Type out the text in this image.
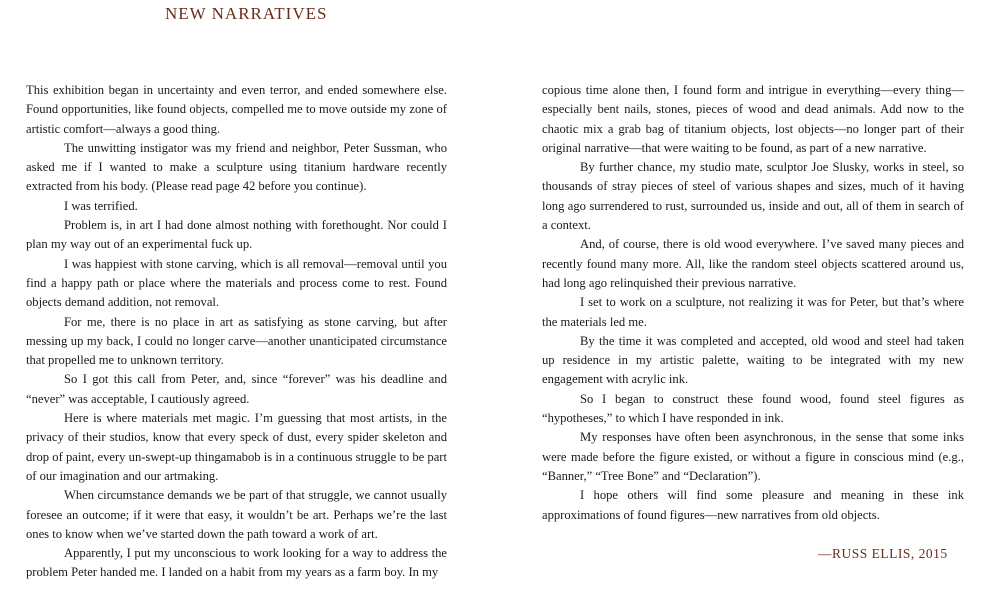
NEW NARRATIVES

This exhibition began in uncertainty and even terror, and ended somewhere else. Found opportunities, like found objects, compelled me to move outside my zone of artistic comfort—always a good thing.

The unwitting instigator was my friend and neighbor, Peter Sussman, who asked me if I wanted to make a sculpture using titanium hardware recently extracted from his body. (Please read page 42 before you continue).

I was terrified.

Problem is, in art I had done almost nothing with forethought. Nor could I plan my way out of an experimental fuck up.

I was happiest with stone carving, which is all removal—removal until you find a happy path or place where the materials and process come to rest. Found objects demand addition, not removal.

For me, there is no place in art as satisfying as stone carving, but after messing up my back, I could no longer carve—another unanticipated circumstance that propelled me to unknown territory.

So I got this call from Peter, and, since “forever” was his deadline and “never” was acceptable, I cautiously agreed.

Here is where materials met magic. I’m guessing that most artists, in the privacy of their studios, know that every speck of dust, every spider skeleton and drop of paint, every un-swept-up thingamabob is in a continuous struggle to be part of our imagination and our artmaking.

When circumstance demands we be part of that struggle, we cannot usually foresee an outcome; if it were that easy, it wouldn’t be art. Perhaps we’re the last ones to know when we’ve started down the path toward a work of art.

Apparently, I put my unconscious to work looking for a way to address the problem Peter handed me. I landed on a habit from my years as a farm boy. In my

copious time alone then, I found form and intrigue in everything—every thing—especially bent nails, stones, pieces of wood and dead animals. Add now to the chaotic mix a grab bag of titanium objects, lost objects—no longer part of their original narrative—that were waiting to be found, as part of a new narrative.

By further chance, my studio mate, sculptor Joe Slusky, works in steel, so thousands of stray pieces of steel of various shapes and sizes, much of it having long ago surrendered to rust, surrounded us, inside and out, all of them in search of a context.

And, of course, there is old wood everywhere. I’ve saved many pieces and recently found many more. All, like the random steel objects scattered around us, had long ago relinquished their previous narrative.

I set to work on a sculpture, not realizing it was for Peter, but that’s where the materials led me.

By the time it was completed and accepted, old wood and steel had taken up residence in my artistic palette, waiting to be integrated with my new engagement with acrylic ink.

So I began to construct these found wood, found steel figures as “hypotheses,” to which I have responded in ink.

My responses have often been asynchronous, in the sense that some inks were made before the figure existed, or without a figure in conscious mind (e.g., “Banner,” “Tree Bone” and “Declaration”).

I hope others will find some pleasure and meaning in these ink approximations of found figures—new narratives from old objects.

—RUSS ELLIS, 2015
